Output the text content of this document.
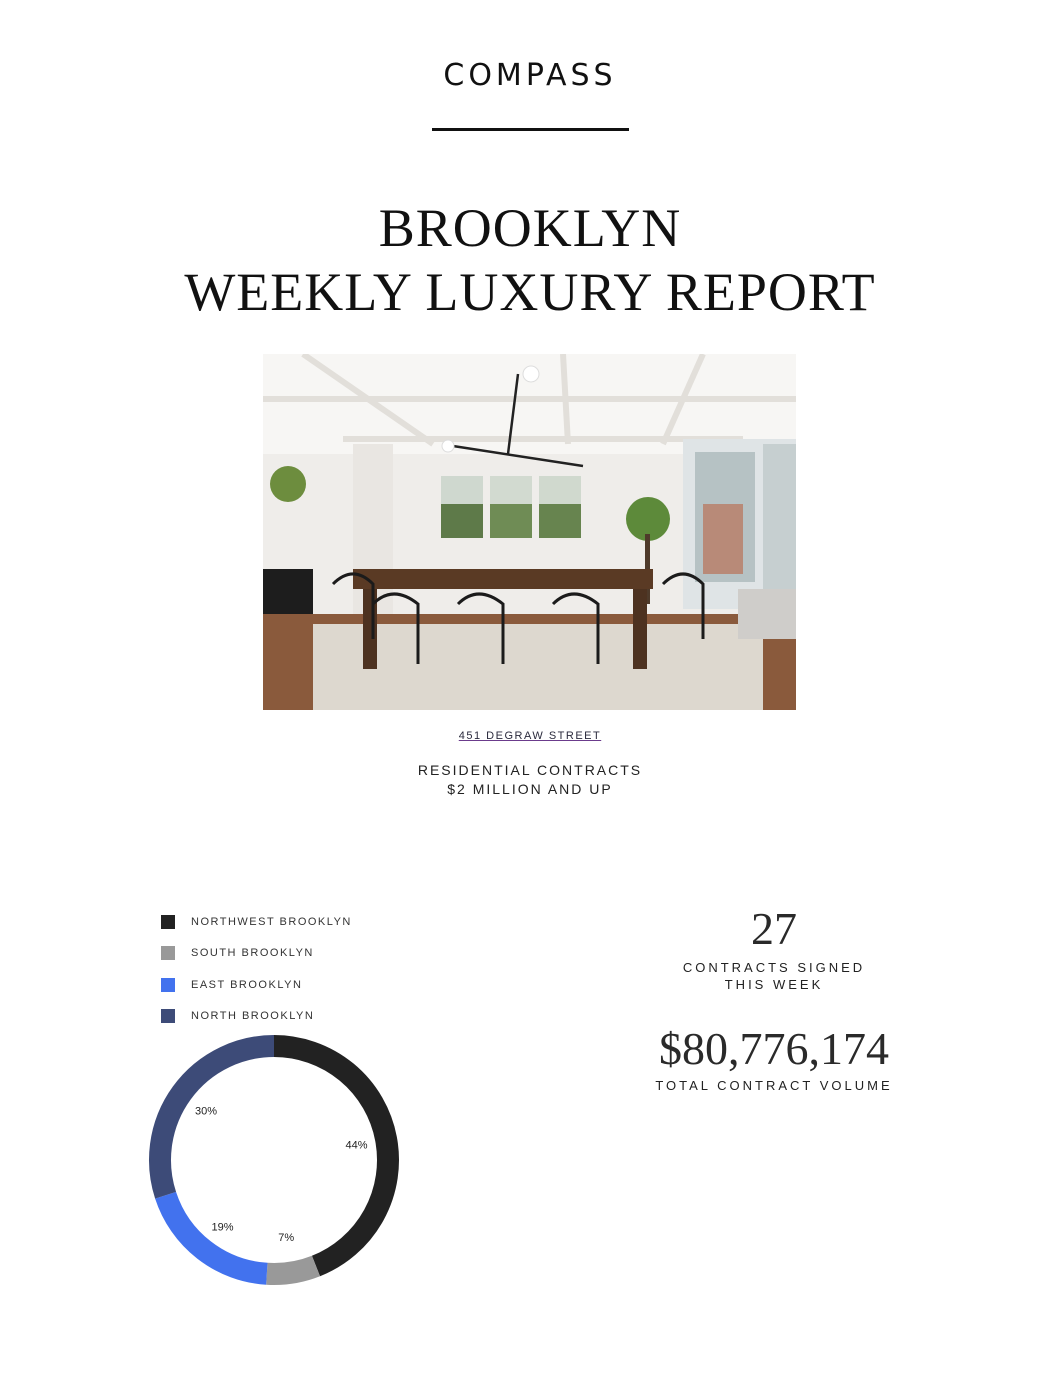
COMPASS
BROOKLYN
WEEKLY LUXURY REPORT
451 DEGRAW STREET
RESIDENTIAL CONTRACTS
$2 MILLION AND UP
NORTHWEST BROOKLYN
SOUTH BROOKLYN
EAST BROOKLYN
NORTH BROOKLYN
44%
7%
19%
30%
27
CONTRACTS SIGNED
THIS WEEK
$80,776,174
TOTAL CONTRACT VOLUME
